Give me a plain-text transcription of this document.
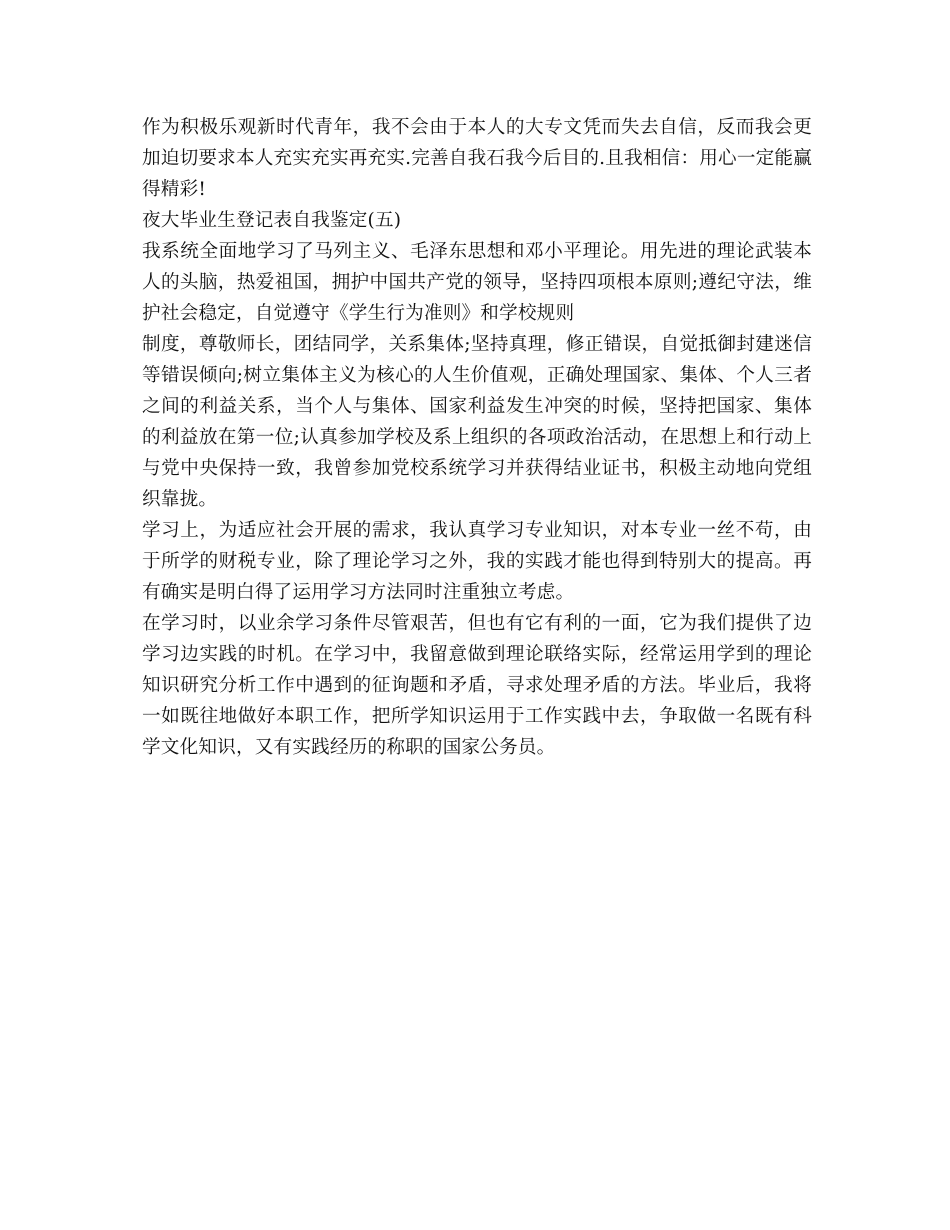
作为积极乐观新时代青年，我不会由于本人的大专文凭而失去自信，反而我会更加迫切要求本人充实充实再充实.完善自我石我今后目的.且我相信：用心一定能赢得精彩!

夜大毕业生登记表自我鉴定(五)

我系统全面地学习了马列主义、毛泽东思想和邓小平理论。用先进的理论武装本人的头脑，热爱祖国，拥护中国共产党的领导，坚持四项根本原则;遵纪守法，维护社会稳定，自觉遵守《学生行为准则》和学校规则

制度，尊敬师长，团结同学，关系集体;坚持真理，修正错误，自觉抵御封建迷信等错误倾向;树立集体主义为核心的人生价值观，正确处理国家、集体、个人三者之间的利益关系，当个人与集体、国家利益发生冲突的时候，坚持把国家、集体的利益放在第一位;认真参加学校及系上组织的各项政治活动，在思想上和行动上与党中央保持一致，我曾参加党校系统学习并获得结业证书，积极主动地向党组织靠拢。

学习上，为适应社会开展的需求，我认真学习专业知识，对本专业一丝不苟，由于所学的财税专业，除了理论学习之外，我的实践才能也得到特别大的提高。再有确实是明白得了运用学习方法同时注重独立考虑。

在学习时，以业余学习条件尽管艰苦，但也有它有利的一面，它为我们提供了边学习边实践的时机。在学习中，我留意做到理论联络实际，经常运用学到的理论知识研究分析工作中遇到的征询题和矛盾，寻求处理矛盾的方法。毕业后，我将一如既往地做好本职工作，把所学知识运用于工作实践中去，争取做一名既有科学文化知识，又有实践经历的称职的国家公务员。
